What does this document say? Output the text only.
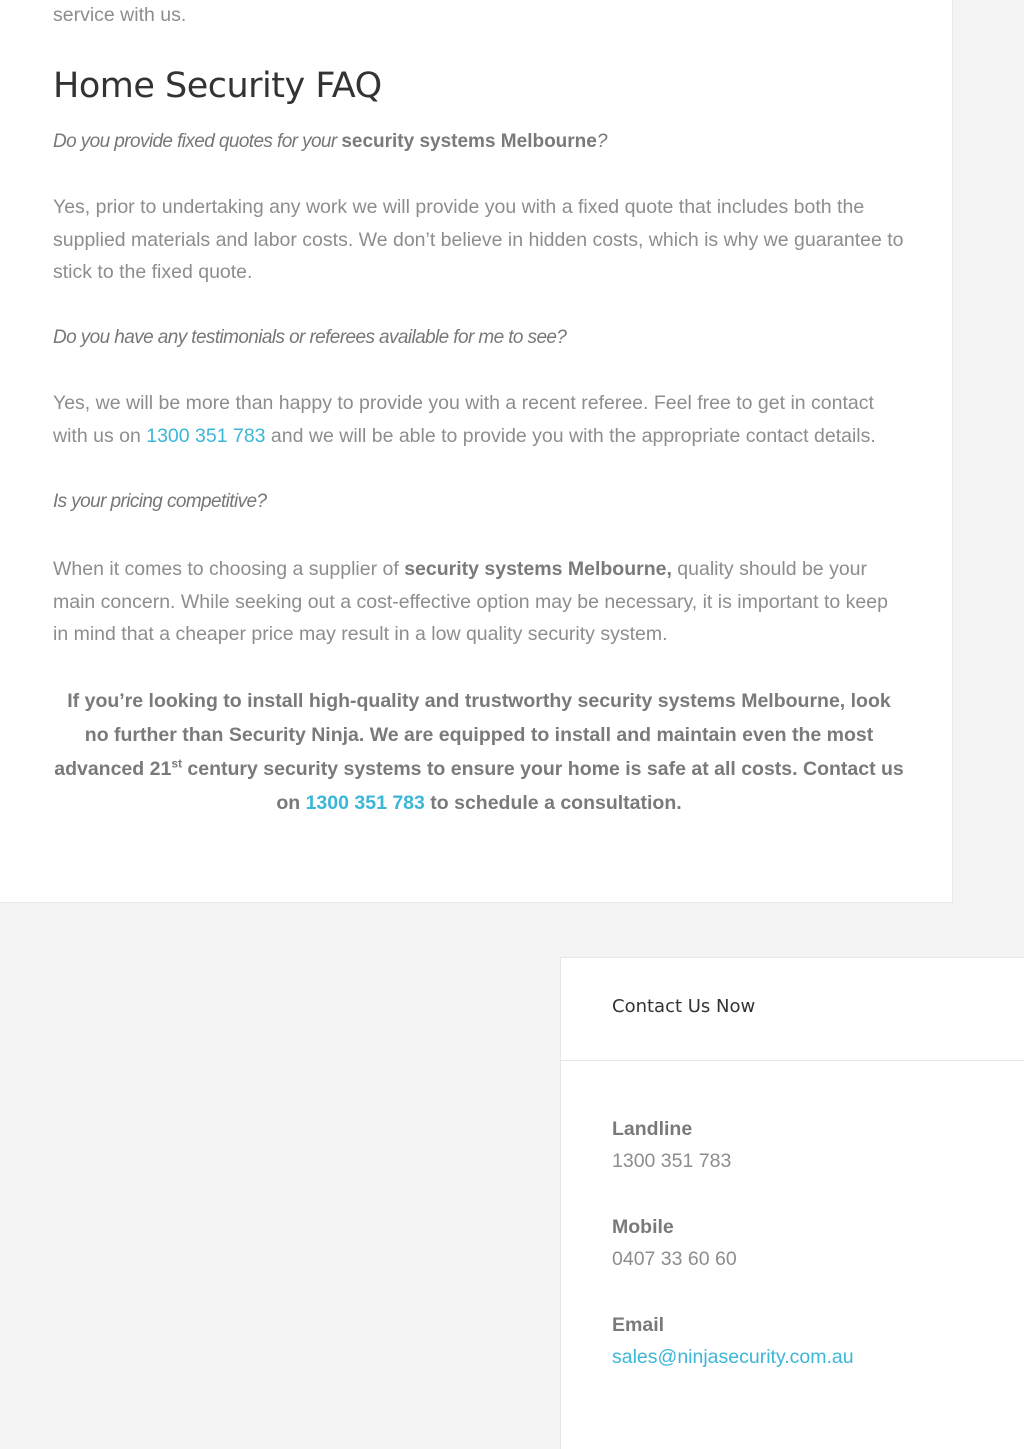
service with us.

Home Security FAQ

Do you provide fixed quotes for your security systems Melbourne?

Yes, prior to undertaking any work we will provide you with a fixed quote that includes both the supplied materials and labor costs. We don’t believe in hidden costs, which is why we guarantee to stick to the fixed quote.

Do you have any testimonials or referees available for me to see?

Yes, we will be more than happy to provide you with a recent referee. Feel free to get in contact with us on 1300 351 783 and we will be able to provide you with the appropriate contact details.

Is your pricing competitive?

When it comes to choosing a supplier of security systems Melbourne, quality should be your main concern. While seeking out a cost-effective option may be necessary, it is important to keep in mind that a cheaper price may result in a low quality security system.

If you’re looking to install high-quality and trustworthy security systems Melbourne, look no further than Security Ninja. We are equipped to install and maintain even the most advanced 21st century security systems to ensure your home is safe at all costs. Contact us on 1300 351 783 to schedule a consultation.

Contact Us Now
Landline
1300 351 783
Mobile
0407 33 60 60
Email
sales@ninjasecurity.com.au
